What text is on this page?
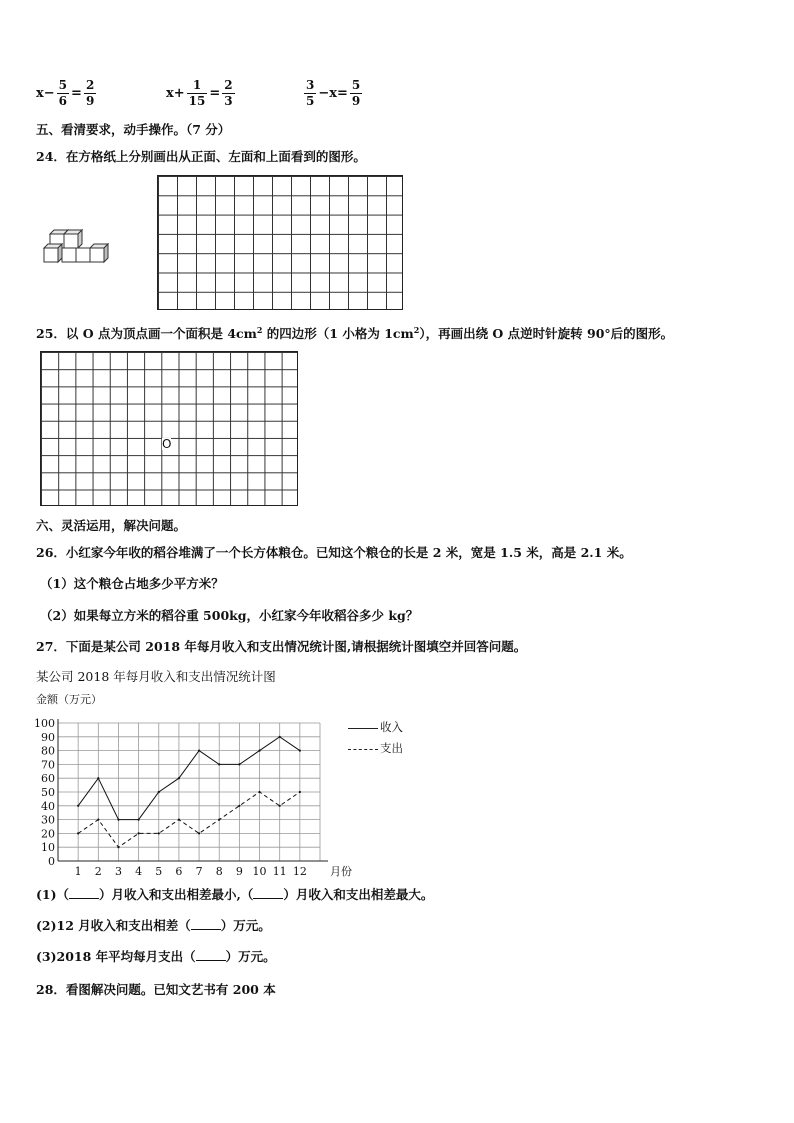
$x - \frac{5}{6} = \frac{2}{9}$	$x + \frac{1}{15} = \frac{2}{3}$	$\frac{3}{5} -x = \frac{5}{9}$
五、看清要求，动手操作。（7 分）
24．在方格纸上分别画出从正面、左面和上面看到的图形。
25．以 O 点为顶点画一个面积是 $4cm^2$ 的四边形（1 小格为 $1cm^2$），再画出绕 O 点逆时针旋转 90°后的图形。
O
六、灵活运用，解决问题。
26．小红家今年收的稻谷堆满了一个长方体粮仓。已知这个粮仓的长是 2 米，宽是 1.5 米，高是 2.1 米。
（1）这个粮仓占地多少平方米？
（2）如果每立方米的稻谷重 500kg，小红家今年收稻谷多少 kg？
27．下面是某公司 2018 年每月收入和支出情况统计图,请根据统计图填空并回答问题。
某公司 2018 年每月收入和支出情况统计图
金额（万元）
0
10
20
30
40
50
60
70
80
90
100
1 2 3 4 5 6 7 8 9 10 11 12 月份
收入
支出
(1)（ ）月收入和支出相差最小,（ ）月收入和支出相差最大。
(2)12 月收入和支出相差（ ）万元。
(3)2018 年平均每月支出（ ）万元。
28．看图解决问题。已知文艺书有 200 本
